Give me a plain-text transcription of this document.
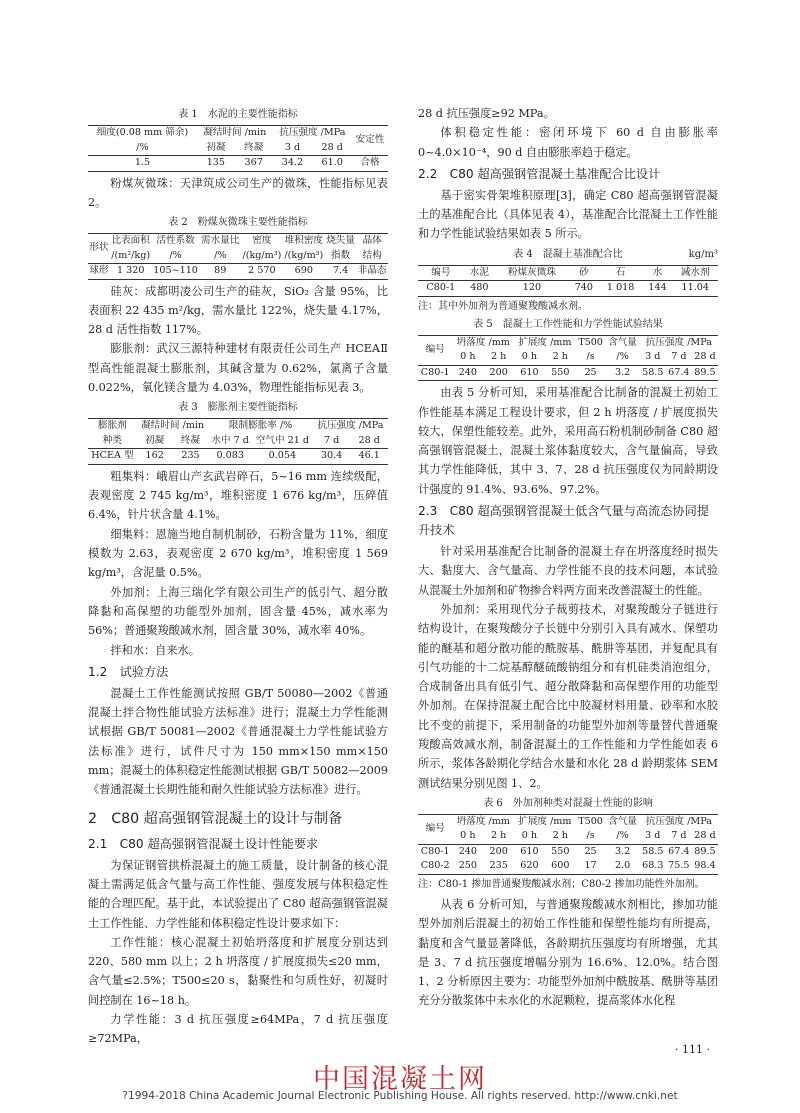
表 1　水泥的主要性能指标
细度(0.08 mm 筛余)	凝结时间 /min		抗压强度 /MPa		安定性
/%	初凝	终凝	3 d	28 d	
1.5	135	367	34.2	61.0	合格

粉煤灰微珠：天津筑成公司生产的微珠，性能指标见表 2。

表 2　粉煤灰微珠主要性能指标
形状	比表面积	活性系数	需水量比	密度	堆积密度	烧失量	晶体
	/(m²/kg)	/%	/%	/(kg/m³)	/(kg/m³)	指数	结构
球形	1 320	105~110	89	2 570	690	7.4	非晶态

硅灰：成都明凌公司生产的硅灰，SiO₂ 含量 95%，比表面积 22 435 m²/kg，需水量比 122%，烧失量 4.17%，28 d 活性指数 117%。

膨胀剂：武汉三源特种建材有限责任公司生产 HCEAⅡ 型高性能混凝土膨胀剂，其碱含量为 0.62%，氯离子含量 0.022%，氧化镁含量为 4.03%，物理性能指标见表 3。

表 3　膨胀剂主要性能指标
膨胀剂	凝结时间 /min		限制膨胀率 /%		抗压强度 /MPa	
种类	初凝	终凝	水中 7 d	空气中 21 d	7 d	28 d
HCEA 型	162	235	0.083	0.054	30.4	46.1

粗集料：峨眉山产玄武岩碎石，5~16 mm 连续级配，表观密度 2 745 kg/m³，堆积密度 1 676 kg/m³，压碎值 6.4%，针片状含量 4.1%。

细集料：恩施当地自制机制砂，石粉含量为 11%，细度模数为 2.63，表观密度 2 670 kg/m³，堆积密度 1 569 kg/m³，含泥量 0.5%。

外加剂：上海三瑞化学有限公司生产的低引气、超分散降黏和高保塑的功能型外加剂，固含量 45%，减水率为 56%；普通聚羧酸减水剂，固含量 30%，减水率 40%。

拌和水：自来水。

1.2　试验方法

混凝土工作性能测试按照 GB/T 50080—2002《普通混凝土拌合物性能试验方法标准》进行；混凝土力学性能测试根据 GB/T 50081—2002《普通混凝土力学性能试验方法标准》进行，试件尺寸为 150 mm×150 mm×150 mm；混凝土的体积稳定性能测试根据 GB/T 50082—2009《普通混凝土长期性能和耐久性能试验方法标准》进行。

2　C80 超高强钢管混凝土的设计与制备
2.1　C80 超高强钢管混凝土设计性能要求

为保证钢管拱桥混凝土的施工质量，设计制备的核心混凝土需满足低含气量与高工作性能、强度发展与体积稳定性能的合理匹配。基于此，本试验提出了 C80 超高强钢管混凝土工作性能、力学性能和体积稳定性设计要求如下：

工作性能：核心混凝土初始坍落度和扩展度分别达到 220、580 mm 以上；2 h 坍落度 / 扩展度损失≤20 mm，含气量≤2.5%；T500≤20 s，黏聚性和匀质性好，初凝时间控制在 16~18 h。

力学性能：3 d 抗压强度≥64MPa，7 d 抗压强度≥72MPa，

28 d 抗压强度≥92 MPa。

体积稳定性能：密闭环境下 60 d 自由膨胀率 0~4.0×10⁻⁴，90 d 自由膨胀率趋于稳定。

2.2　C80 超高强钢管混凝土基准配合比设计

基于密实骨架堆积原理[3]，确定 C80 超高强钢管混凝土的基准配合比（具体见表 4），基准配合比混凝土工作性能和力学性能试验结果如表 5 所示。

表 4　混凝土基准配合比	kg/m³
编号	水泥	粉煤灰微珠	砂	石	水	减水剂
C80-1	480	120	740	1 018	144	11.04
注：其中外加剂为普通聚羧酸减水剂。
表 5　混凝土工作性能和力学性能试验结果
编号	坍落度 /mm		扩展度 /mm		T500	含气量	抗压强度 /MPa		
	0 h	2 h	0 h	2 h	/s	/%	3 d	7 d	28 d
C80-1	240	200	610	550	25	3.2	58.5	67.4	89.5

由表 5 分析可知，采用基准配合比制备的混凝土初始工作性能基本满足工程设计要求，但 2 h 坍落度 / 扩展度损失较大，保塑性能较差。此外，采用高石粉机制砂制备 C80 超高强钢管混凝土，混凝土浆体黏度较大，含气量偏高，导致其力学性能降低，其中 3、7、28 d 抗压强度仅为同龄期设计强度的 91.4%、93.6%、97.2%。

2.3　C80 超高强钢管混凝土低含气量与高流态协同提升技术

针对采用基准配合比制备的混凝土存在坍落度经时损失大、黏度大、含气量高、力学性能不良的技术问题，本试验从混凝土外加剂和矿物掺合料两方面来改善混凝土的性能。

外加剂：采用现代分子裁剪技术，对聚羧酸分子链进行结构设计，在聚羧酸分子长链中分别引入具有减水、保塑功能的醚基和超分散功能的酰胺基、酰肼等基团，并复配具有引气功能的十二烷基醇醚硫酸钠组分和有机硅类消泡组分，合成制备出具有低引气、超分散降黏和高保塑作用的功能型外加剂。在保持混凝土配合比中胶凝材料用量、砂率和水胶比不变的前提下，采用制备的功能型外加剂等量替代普通聚羧酸高效减水剂，制备混凝土的工作性能和力学性能如表 6 所示，浆体各龄期化学结合水量和水化 28 d 龄期浆体 SEM 测试结果分别见图 1、2。

表 6　外加剂种类对混凝土性能的影响
编号	坍落度 /mm		扩展度 /mm		T500	含气量	抗压强度 /MPa		
	0 h	2 h	0 h	2 h	/s	/%	3 d	7 d	28 d
C80-1	240	200	610	550	25	3.2	58.5	67.4	89.5
C80-2	250	235	620	600	17	2.0	68.3	75.5	98.4
注：C80-1 掺加普通聚羧酸减水剂；C80-2 掺加功能性外加剂。

从表 6 分析可知，与普通聚羧酸减水剂相比，掺加功能型外加剂后混凝土的初始工作性能和保塑性能均有所提高，黏度和含气量显著降低，各龄期抗压强度均有所增强，尤其是 3、7 d 抗压强度增幅分别为 16.6%、12.0%。结合图 1、2 分析原因主要为：功能型外加剂中酰胺基、酰肼等基团充分分散浆体中未水化的水泥颗粒，提高浆体水化程

· 111 ·
中国混凝土网
?1994-2018 China Academic Journal Electronic Publishing House. All rights reserved. http://www.cnki.net
